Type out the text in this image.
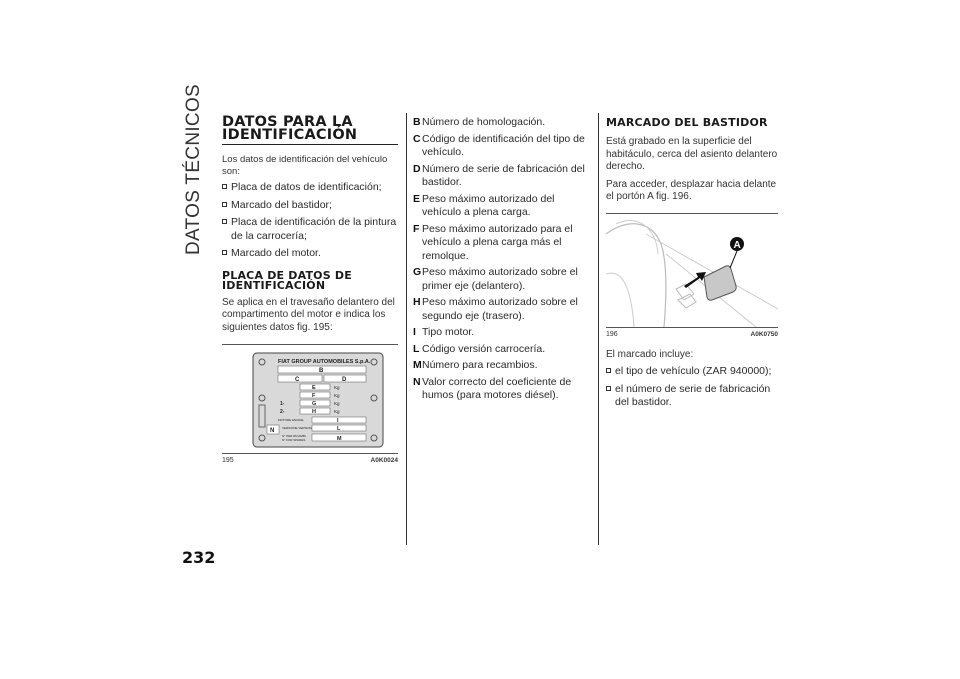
DATOS TÉCNICOS DATOS PARA LA
IDENTIFICACIÓN

Los datos de identificación del vehículo son:

Placa de datos de identificación;
Marcado del bastidor;
Placa de identificación de la pintura de la carrocería;
Marcado del motor.
PLACA DE DATOS DE
IDENTIFICACIÓN

Se aplica en el travesaño delantero del compartimento del motor e indica los siguientes datos fig. 195:

FIAT GROUP AUTOMOBILES S.p.A.
B
C	D
E	Kg
F	Kg
1-	G	Kg
2-	H	Kg
MOTORE ENGINE	I
N	VERSIONE VERSION	L
N° PER RICAMBI
N° FOR SPARES	M
195	A0K0024
B Número de homologación.
C Código de identificación del tipo de vehículo.
D Número de serie de fabricación del bastidor.
E Peso máximo autorizado del vehículo a plena carga.
F Peso máximo autorizado para el vehículo a plena carga más el remolque.
G Peso máximo autorizado sobre el primer eje (delantero).
H Peso máximo autorizado sobre el segundo eje (trasero).
I Tipo motor.
L Código versión carrocería.
M Número para recambios.
N Valor correcto del coeficiente de humos (para motores diésel).
MARCADO DEL BASTIDOR

Está grabado en la superficie del habitáculo, cerca del asiento delantero derecho.

Para acceder, desplazar hacia delante el portón A fig. 196.

A
196	A0K0750

El marcado incluye:

el tipo de vehículo (ZAR 940000);
el número de serie de fabricación del bastidor.
232
